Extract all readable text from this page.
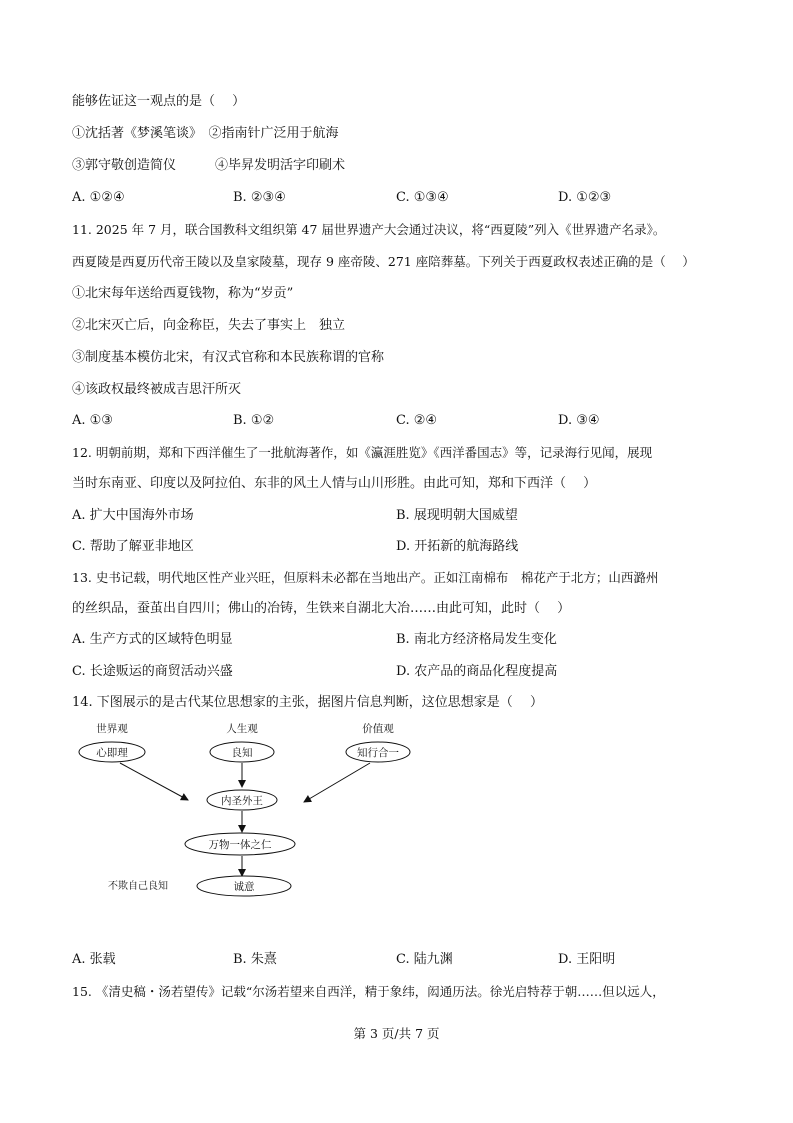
能够佐证这一观点的是（　 ）
①沈括著《梦溪笔谈》　②指南针广泛用于航海
③郭守敬创造简仪　　　④毕昇发明活字印刷术
A. ①②④	B. ②③④	C. ①③④	D. ①②③
11. 2025 年 7 月，联合国教科文组织第 47 届世界遗产大会通过决议，将“西夏陵”列入《世界遗产名录》。
西夏陵是西夏历代帝王陵以及皇家陵墓，现存 9 座帝陵、271 座陪葬墓。下列关于西夏政权表述正确的是（　 ）
①北宋每年送给西夏钱物，称为“岁贡”
②北宋灭亡后，向金称臣，失去了事实上　独立
③制度基本模仿北宋，有汉式官称和本民族称谓的官称
④该政权最终被成吉思汗所灭
A. ①③	B. ①②	C. ②④	D. ③④
12. 明朝前期，郑和下西洋催生了一批航海著作，如《瀛涯胜览》《西洋番国志》等，记录海行见闻，展现
当时东南亚、印度以及阿拉伯、东非的风土人情与山川形胜。由此可知，郑和下西洋（　 ）
A. 扩大中国海外市场	B. 展现明朝大国威望
C. 帮助了解亚非地区	D. 开拓新的航海路线
13. 史书记载，明代地区性产业兴旺，但原料未必都在当地出产。正如江南棉布　棉花产于北方；山西潞州
的丝织品，蚕茧出自四川；佛山的冶铸，生铁来自湖北大冶……由此可知，此时（　 ）
A. 生产方式的区域特色明显	B. 南北方经济格局发生变化
C. 长途贩运的商贸活动兴盛	D. 农产品的商品化程度提高
14. 下图展示的是古代某位思想家的主张，据图片信息判断，这位思想家是（　 ）
世界观	人生观	价值观
心即理	良知	知行合一
内圣外王
万物一体之仁
不欺自己良知	诚意
A. 张载	B. 朱熹	C. 陆九渊	D. 王阳明
15. 《清史稿・汤若望传》记载“尔汤若望来自西洋，精于象纬，闳通历法。徐光启特荐于朝……但以远人，
第 3 页/共 7 页
